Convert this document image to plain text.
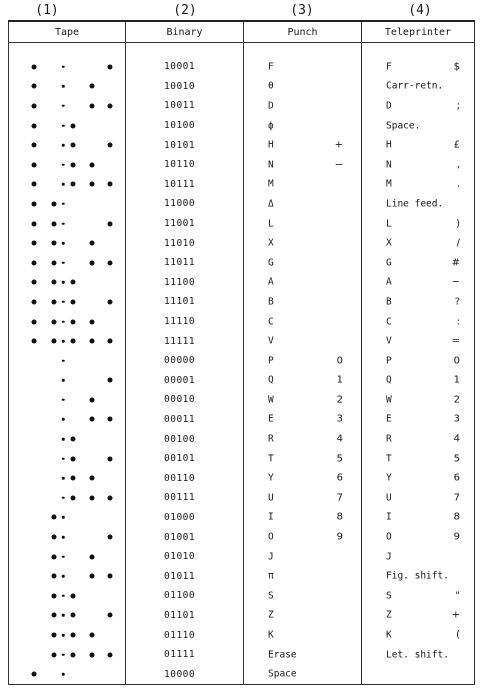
(1)	(2)	(3)	(4)
Tape	Binary	Punch	Teleprinter

	10001	F	F $

	10010	θ	Carr-retn.

	10011	D	D ;

	10100	ϕ	Space.

	10101	H +	H £

	10110	N −	N ,

	10111	M	M .

	11000	Δ	Line feed.

	11001	L	L )

	11010	X	X /

	11011	G	G #

	11100	A	A −

	11101	B	B ?

	11110	C	C :

	11111	V	V =

	00000	P 0	P 0

	00001	Q 1	Q 1

	00010	W 2	W 2

	00011	E 3	E 3

	00100	R 4	R 4

	00101	T 5	T 5

	00110	Y 6	Y 6

	00111	U 7	U 7

	01000	I 8	I 8

	01001	O 9	O 9

	01010	J	J

	01011	π	Fig. shift.

	01100	S	S "

	01101	Z	Z +

	01110	K	K (

	01111	Erase	Let. shift.

	10000	Space	
